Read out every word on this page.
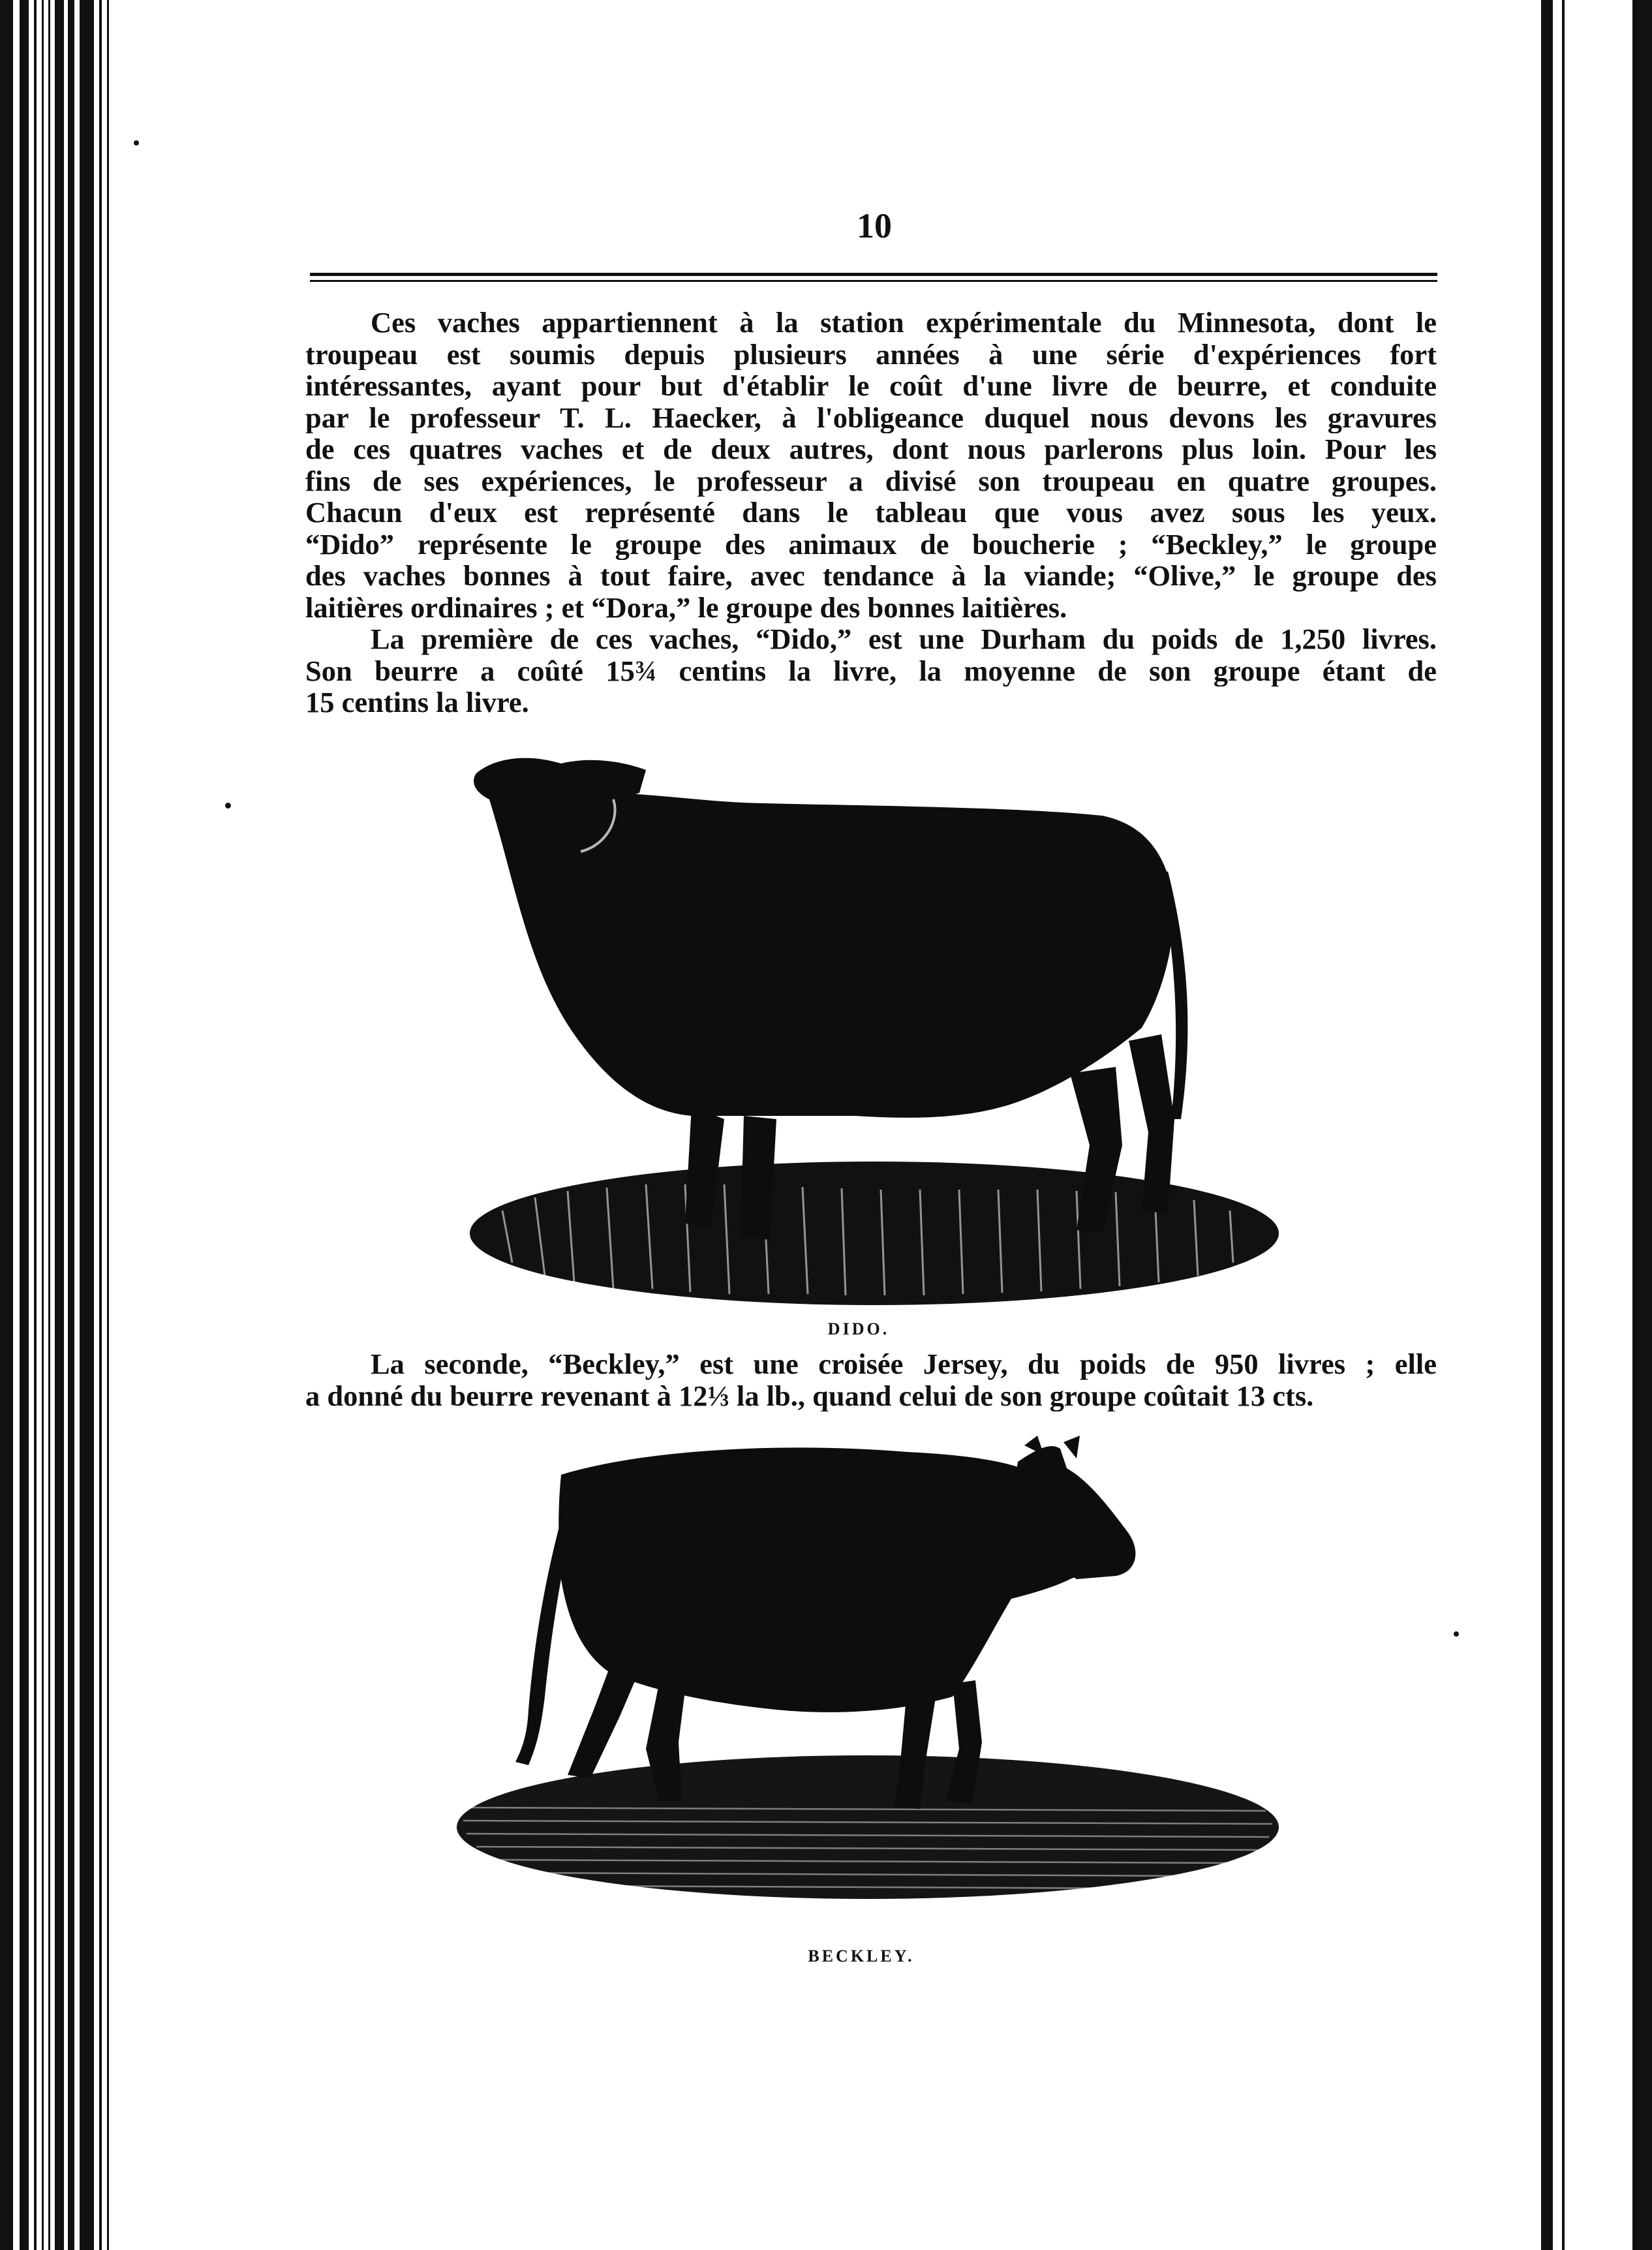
10
Ces vaches appartiennent à la station expérimentale du Minnesota, dont le
troupeau est soumis depuis plusieurs années à une série d'expériences fort
intéressantes, ayant pour but d'établir le coût d'une livre de beurre, et conduite
par le professeur T. L. Haecker, à l'obligeance duquel nous devons les gravures
de ces quatres vaches et de deux autres, dont nous parlerons plus loin. Pour les
fins de ses expériences, le professeur a divisé son troupeau en quatre groupes.
Chacun d'eux est représenté dans le tableau que vous avez sous les yeux.
“Dido” représente le groupe des animaux de boucherie ; “Beckley,” le groupe
des vaches bonnes à tout faire, avec tendance à la viande; “Olive,” le groupe des
laitières ordinaires ; et “Dora,” le groupe des bonnes laitières.
La première de ces vaches, “Dido,” est une Durham du poids de 1,250 livres.
Son beurre a coûté 15¾ centins la livre, la moyenne de son groupe étant de
15 centins la livre.
DIDO.
La seconde, “Beckley,” est une croisée Jersey, du poids de 950 livres ; elle
a donné du beurre revenant à 12⅓ la lb., quand celui de son groupe coûtait 13 cts.
BECKLEY.
